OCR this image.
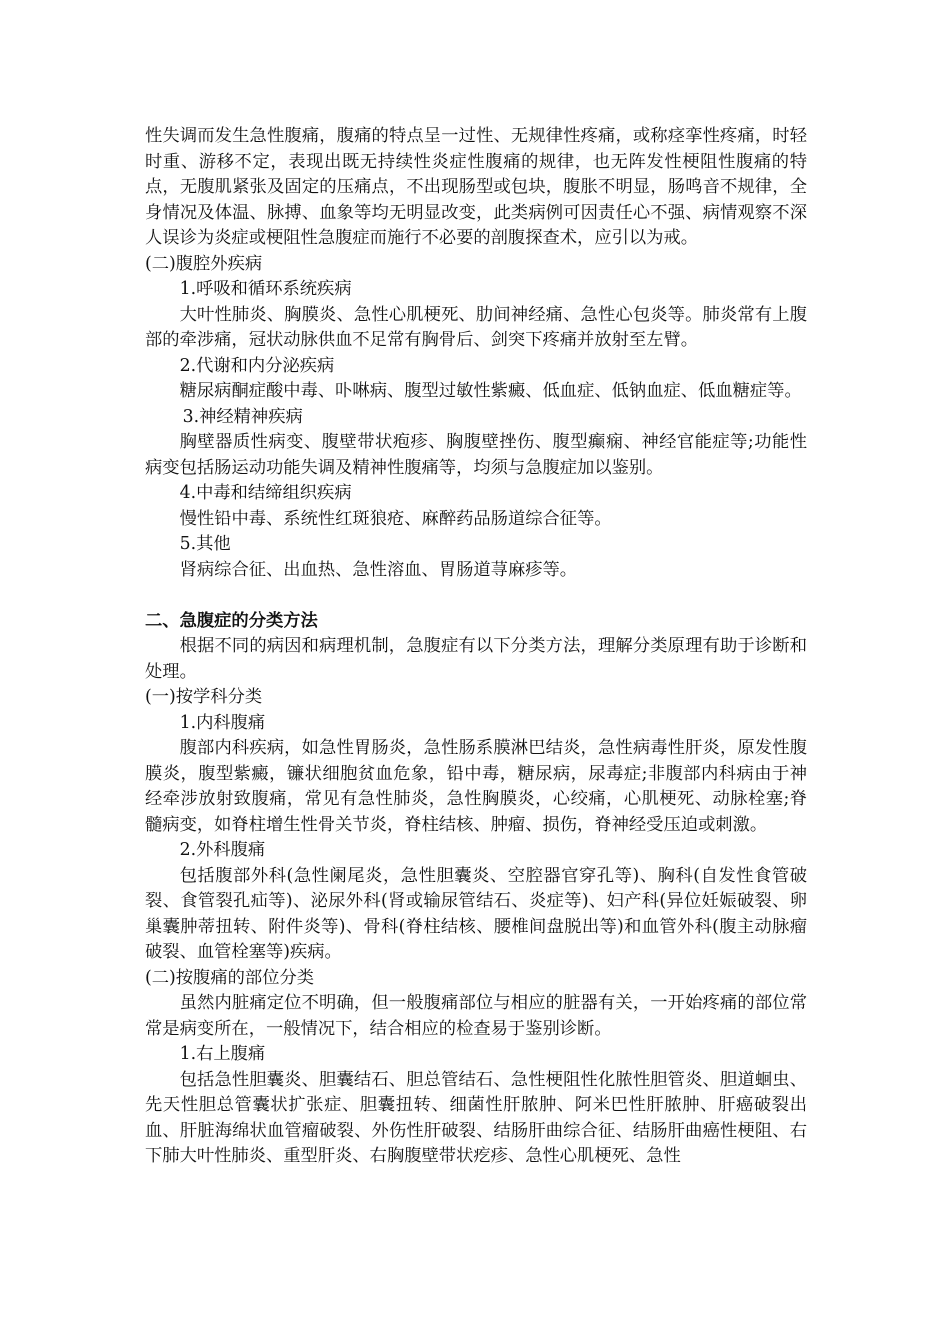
性失调而发生急性腹痛，腹痛的特点呈一过性、无规律性疼痛，或称痉挛性疼痛，时轻时重、游移不定，表现出既无持续性炎症性腹痛的规律，也无阵发性梗阻性腹痛的特点，无腹肌紧张及固定的压痛点，不出现肠型或包块，腹胀不明显，肠鸣音不规律，全身情况及体温、脉搏、血象等均无明显改变，此类病例可因责任心不强、病情观察不深人误诊为炎症或梗阻性急腹症而施行不必要的剖腹探查术，应引以为戒。

(二)腹腔外疾病

1.呼吸和循环系统疾病

大叶性肺炎、胸膜炎、急性心肌梗死、肋间神经痛、急性心包炎等。肺炎常有上腹部的牵涉痛，冠状动脉供血不足常有胸骨后、剑突下疼痛并放射至左臂。

2.代谢和内分泌疾病

糖尿病酮症酸中毒、卟啉病、腹型过敏性紫癜、低血症、低钠血症、低血糖症等。

3.神经精神疾病

胸壁器质性病变、腹壁带状疱疹、胸腹壁挫伤、腹型癫痫、神经官能症等;功能性病变包括肠运动功能失调及精神性腹痛等，均须与急腹症加以鉴别。

4.中毒和结缔组织疾病

慢性铅中毒、系统性红斑狼疮、麻醉药品肠道综合征等。

5.其他

肾病综合征、出血热、急性溶血、胃肠道荨麻疹等。

二、急腹症的分类方法

根据不同的病因和病理机制，急腹症有以下分类方法，理解分类原理有助于诊断和处理。

(一)按学科分类

1.内科腹痛

腹部内科疾病，如急性胃肠炎，急性肠系膜淋巴结炎，急性病毒性肝炎，原发性腹膜炎，腹型紫癜，镰状细胞贫血危象，铅中毒，糖尿病，尿毒症;非腹部内科病由于神经牵涉放射致腹痛，常见有急性肺炎，急性胸膜炎，心绞痛，心肌梗死、动脉栓塞;脊髓病变，如脊柱增生性骨关节炎，脊柱结核、肿瘤、损伤，脊神经受压迫或刺激。

2.外科腹痛

包括腹部外科(急性阑尾炎，急性胆囊炎、空腔器官穿孔等)、胸科(自发性食管破裂、食管裂孔疝等)、泌尿外科(肾或输尿管结石、炎症等)、妇产科(异位妊娠破裂、卵巢囊肿蒂扭转、附件炎等)、骨科(脊柱结核、腰椎间盘脱出等)和血管外科(腹主动脉瘤破裂、血管栓塞等)疾病。

(二)按腹痛的部位分类

虽然内脏痛定位不明确，但一般腹痛部位与相应的脏器有关，一开始疼痛的部位常常是病变所在，一般情况下，结合相应的检查易于鉴别诊断。

1.右上腹痛

包括急性胆囊炎、胆囊结石、胆总管结石、急性梗阻性化脓性胆管炎、胆道蛔虫、先天性胆总管囊状扩张症、胆囊扭转、细菌性肝脓肿、阿米巴性肝脓肿、肝癌破裂出血、肝脏海绵状血管瘤破裂、外伤性肝破裂、结肠肝曲综合征、结肠肝曲癌性梗阻、右下肺大叶性肺炎、重型肝炎、右胸腹壁带状疙疹、急性心肌梗死、急性
